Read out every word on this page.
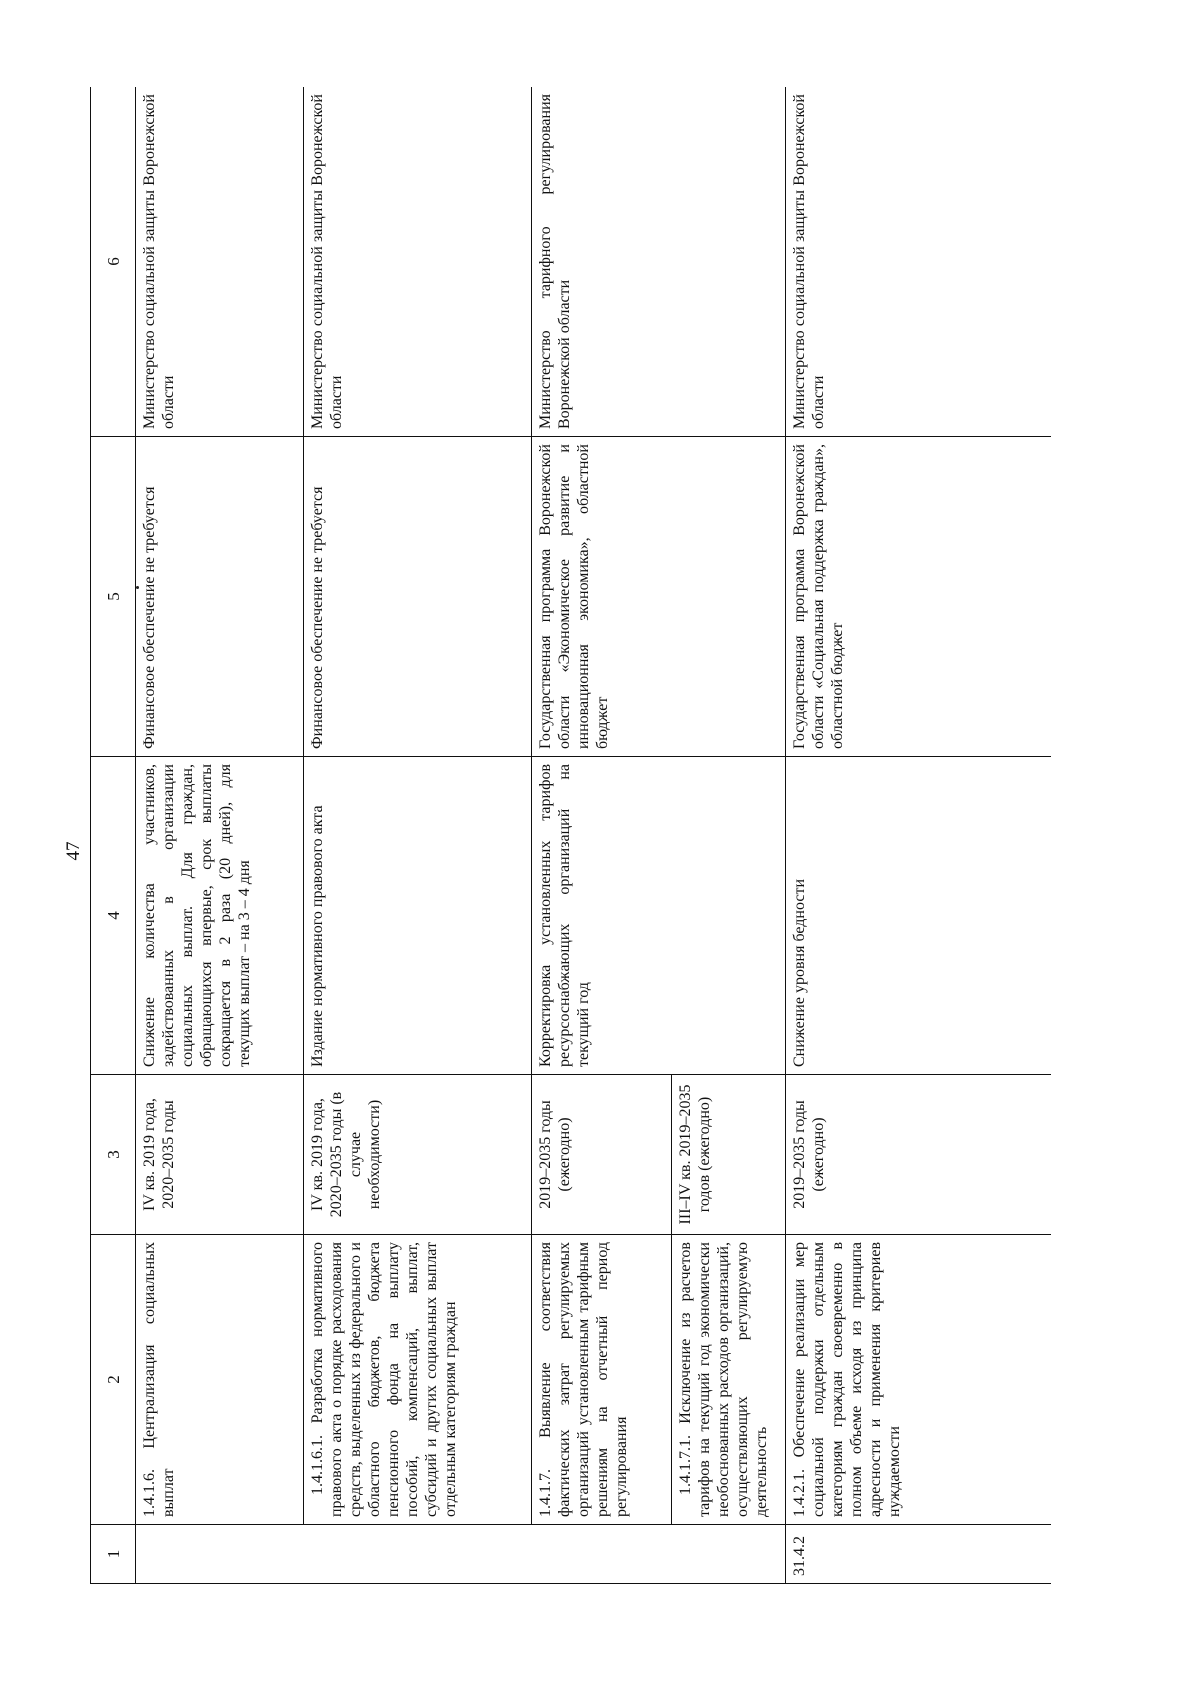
47
1	2	3	4	5	6
	1.4.1.6. Централизация социальных выплат	IV кв. 2019 года, 2020–2035 годы	Снижение количества участников, задействованных в организации социальных выплат. Для граждан, обращающихся впервые, срок выплаты сокращается в 2 раза (20 дней), для текущих выплат – на 3 – 4 дня	Финансовое обеспечение не требуется	Министерство социальной защиты Воронежской области
	1.4.1.6.1. Разработка нормативного правового акта о порядке расходования средств, выделенных из федерального и областного бюджетов, бюджета пенсионного фонда на выплату пособий, компенсаций, выплат, субсидий и других социальных выплат отдельным категориям граждан	IV кв. 2019 года, 2020–2035 годы (в случае необходимости)	Издание нормативного правового акта	Финансовое обеспечение не требуется	Министерство социальной защиты Воронежской области
	1.4.1.7. Выявление соответствия фактических затрат регулируемых организаций установленным тарифным решениям на отчетный период регулирования	2019–2035 годы (ежегодно)	Корректировка установленных тарифов ресурсоснабжающих организаций на текущий год	Государственная программа Воронежской области «Экономическое развитие и инновационная экономика», областной бюджет	Министерство тарифного регулирования Воронежской области
	1.4.1.7.1. Исключение из расчетов тарифов на текущий год экономически необоснованных расходов организаций, осуществляющих регулируемую деятельность	III–IV кв. 2019–2035 годов (ежегодно)			
31.4.2	1.4.2.1. Обеспечение реализации мер социальной поддержки отдельным категориям граждан своевременно в полном объеме исходя из принципа адресности и применения критериев нуждаемости	2019–2035 годы (ежегодно)	Снижение уровня бедности	Государственная программа Воронежской области «Социальная поддержка граждан», областной бюджет	Министерство социальной защиты Воронежской области
